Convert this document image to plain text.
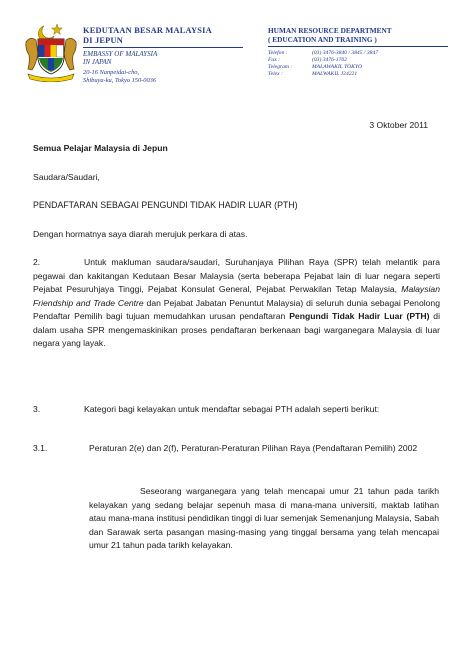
KEDUTAAN BESAR MALAYSIA
DI JEPUN
EMBASSY OF MALAYSIA
IN JAPAN
20-16 Nanpeidai-cho,
Shibuya-ku, Tokyo 150-0036
HUMAN RESOURCE DEPARTMENT
( EDUCATION AND TRAINING )
Telefon :	(03) 3476-3840 / 3845 / 3847
Fax :	(03) 3476-1702
Telegram :	MALAWAKIL TOKYO
Telex :	MALWAKIL J24221
3 Oktober 2011
Semua Pelajar Malaysia di Jepun
Saudara/Saudari,
PENDAFTARAN SEBAGAI PENGUNDI TIDAK HADIR LUAR (PTH)
Dengan hormatnya saya diarah merujuk perkara di atas.
2.	Untuk makluman saudara/saudari, Suruhanjaya Pilihan Raya (SPR) telah melantik para pegawai dan kakitangan Kedutaan Besar Malaysia (serta beberapa Pejabat lain di luar negara seperti Pejabat Pesuruhjaya Tinggi, Pejabat Konsulat General, Pejabat Perwakilan Tetap Malaysia, Malaysian Friendship and Trade Centre dan Pejabat Jabatan Penuntut Malaysia) di seluruh dunia sebagai Penolong Pendaftar Pemilih bagi tujuan memudahkan urusan pendaftaran Pengundi Tidak Hadir Luar (PTH) di dalam usaha SPR mengemaskinikan proses pendaftaran berkenaan bagi warganegara Malaysia di luar negara yang layak.
3.	Kategori bagi kelayakan untuk mendaftar sebagai PTH adalah seperti berikut:
3.1.	Peraturan 2(e) dan 2(f), Peraturan-Peraturan Pilihan Raya (Pendaftaran Pemilih) 2002
Seseorang warganegara yang telah mencapai umur 21 tahun pada tarikh kelayakan yang sedang belajar sepenuh masa di mana-mana universiti, maktab latihan atau mana-mana institusi pendidikan tinggi di luar semenjak Semenanjung Malaysia, Sabah dan Sarawak serta pasangan masing-masing yang tinggal bersama yang telah mencapai umur 21 tahun pada tarikh kelayakan.
